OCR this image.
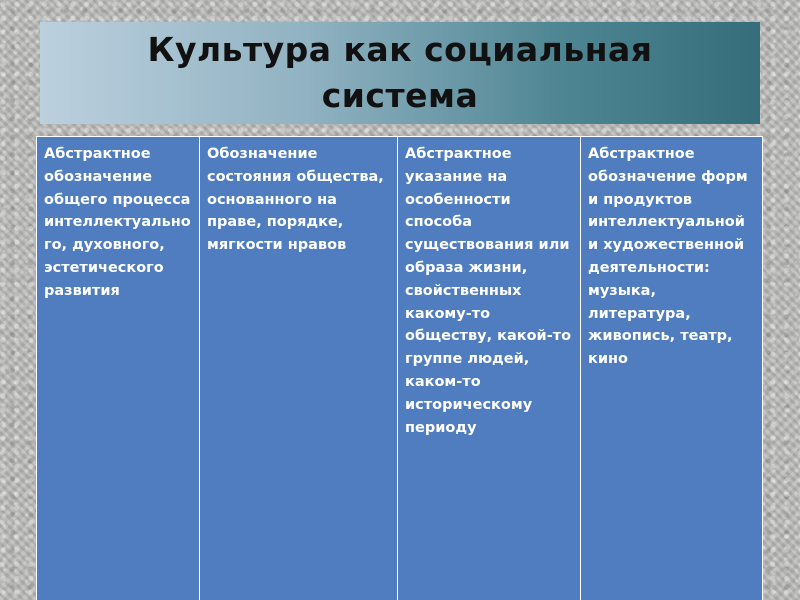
Культура как социальная система
Абстрактное обозначение общего процесса интеллектуального, духовного, эстетического развития
Обозначение состояния общества, основанного на праве, порядке, мягкости нравов
Абстрактное указание на особенности способа существования или образа жизни, свойственных какому-то обществу, какой-то группе людей, каком-то историческому периоду
Абстрактное обозначение форм и продуктов интеллектуальной и художественной деятельности: музыка, литература, живопись, театр, кино
